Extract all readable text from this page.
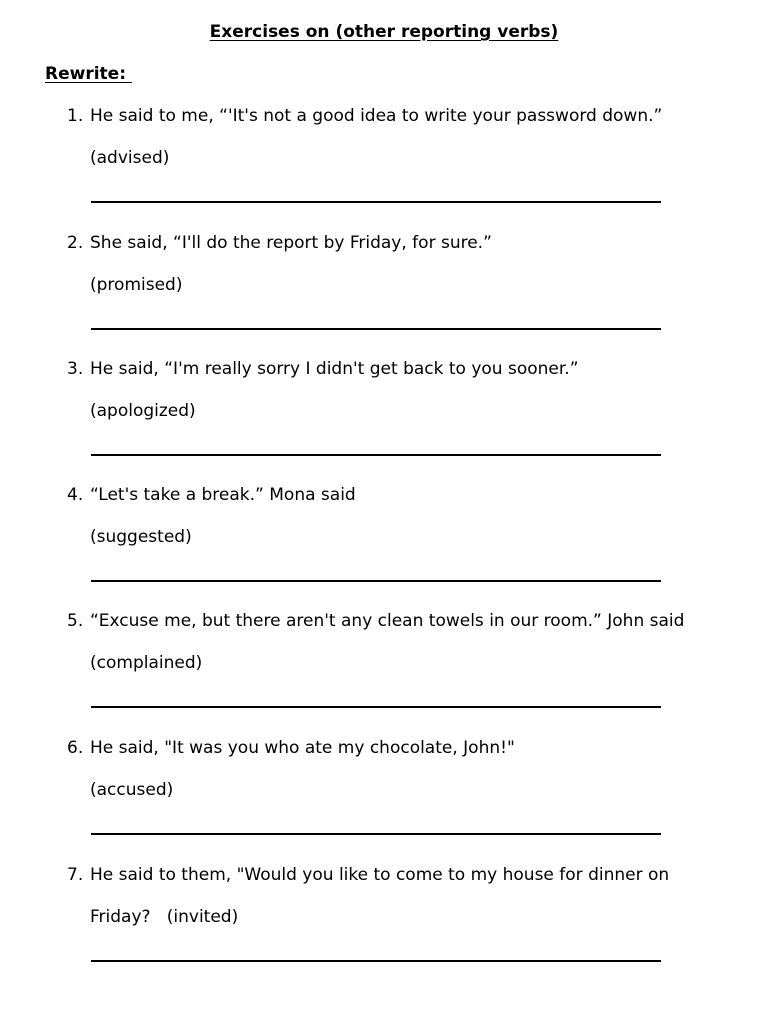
Exercises on (other reporting verbs)
Rewrite:
1. He said to me, “'It's not a good idea to write your password down.”
(advised)
2. She said, “I'll do the report by Friday, for sure.”
(promised)
3. He said, “I'm really sorry I didn't get back to you sooner.”
(apologized)
4. “Let's take a break.” Mona said
(suggested)
5. “Excuse me, but there aren't any clean towels in our room.” John said
(complained)
6. He said, "It was you who ate my chocolate, John!"
(accused)
7. He said to them, "Would you like to come to my house for dinner on
Friday?   (invited)
